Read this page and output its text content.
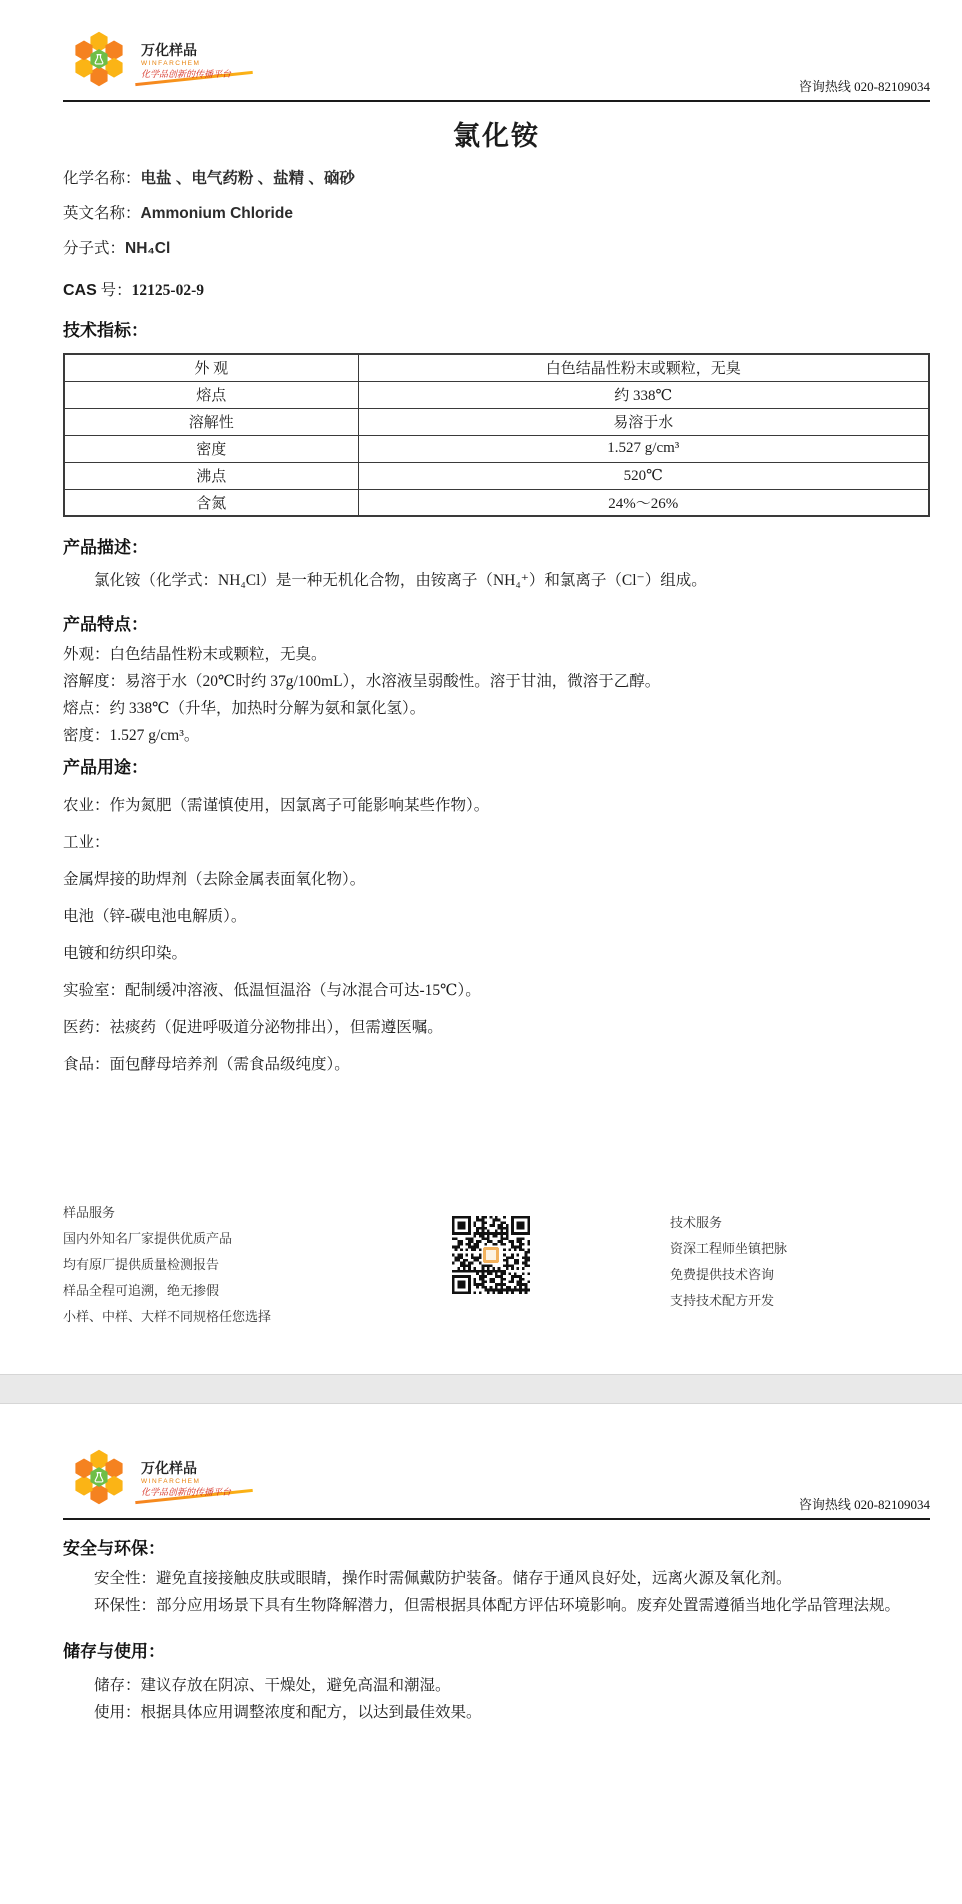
万化样品
WINFARCHEM
化学品创新的传播平台
咨询热线 020-82109034
氯化铵
化学名称：电盐 、电气药粉 、盐精 、硇砂
英文名称：Ammonium Chloride
分子式：NH₄Cl
CAS 号：12125-02-9
技术指标：
外 观	白色结晶性粉末或颗粒，无臭
熔点	约 338℃
溶解性	易溶于水
密度	1.527 g/cm³
沸点	520℃
含氮	24%〜26%
产品描述：
氯化铵（化学式：NH₄Cl）是一种无机化合物，由铵离子（NH₄⁺）和氯离子（Cl⁻）组成。
产品特点：
外观：白色结晶性粉末或颗粒，无臭。
溶解度：易溶于水（20℃时约 37g/100mL），水溶液呈弱酸性。溶于甘油，微溶于乙醇。
熔点：约 338℃（升华，加热时分解为氨和氯化氢）。
密度：1.527 g/cm³。
产品用途：
农业：作为氮肥（需谨慎使用，因氯离子可能影响某些作物）。
工业：
金属焊接的助焊剂（去除金属表面氧化物）。
电池（锌-碳电池电解质）。
电镀和纺织印染。
实验室：配制缓冲溶液、低温恒温浴（与冰混合可达-15℃）。
医药：祛痰药（促进呼吸道分泌物排出），但需遵医嘱。
食品：面包酵母培养剂（需食品级纯度）。
样品服务
国内外知名厂家提供优质产品
均有原厂提供质量检测报告
样品全程可追溯，绝无掺假
小样、中样、大样不同规格任您选择
技术服务
资深工程师坐镇把脉
免费提供技术咨询
支持技术配方开发
万化样品
WINFARCHEM
化学品创新的传播平台
咨询热线 020-82109034
安全与环保：
安全性：避免直接接触皮肤或眼睛，操作时需佩戴防护装备。储存于通风良好处，远离火源及氧化剂。
环保性：部分应用场景下具有生物降解潜力，但需根据具体配方评估环境影响。废弃处置需遵循当地化学品管理法规。
储存与使用：
储存：建议存放在阴凉、干燥处，避免高温和潮湿。
使用：根据具体应用调整浓度和配方，以达到最佳效果。
